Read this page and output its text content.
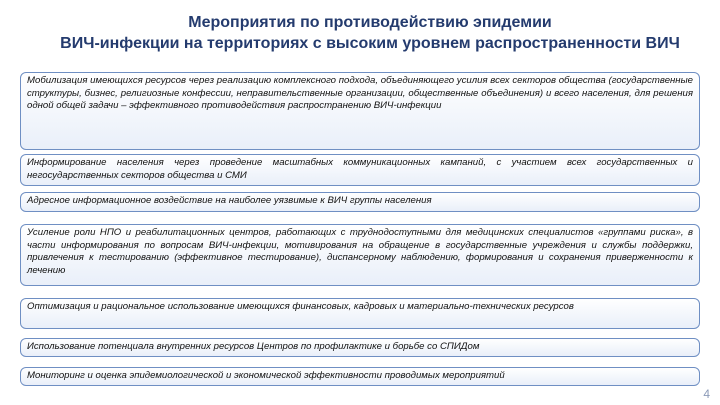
Мероприятия по противодействию эпидемии
ВИЧ-инфекции на территориях с высоким уровнем распространенности ВИЧ
Мобилизация имеющихся ресурсов через реализацию комплексного подхода, объединяющего усилия всех секторов общества (государственные структуры, бизнес, религиозные конфессии, неправительственные организации, общественные объединения) и всего населения, для решения одной общей задачи – эффективного противодействия распространению ВИЧ-инфекции
Информирование населения через проведение масштабных коммуникационных кампаний, с участием всех государственных и негосударственных секторов общества и СМИ
Адресное информационное воздействие на наиболее уязвимые к ВИЧ группы населения
Усиление роли НПО и реабилитационных центров, работающих с труднодоступными для медицинских специалистов «группами риска», в части информирования по вопросам ВИЧ-инфекции, мотивирования на обращение в государственные учреждения и службы поддержки, привлечения к тестированию (эффективное тестирование), диспансерному наблюдению, формирования и сохранения приверженности к лечению
Оптимизация и рациональное использование имеющихся финансовых, кадровых и материально-технических ресурсов
Использование потенциала внутренних ресурсов Центров по профилактике и борьбе со СПИДом
Мониторинг и оценка эпидемиологической и экономической эффективности проводимых мероприятий
4
